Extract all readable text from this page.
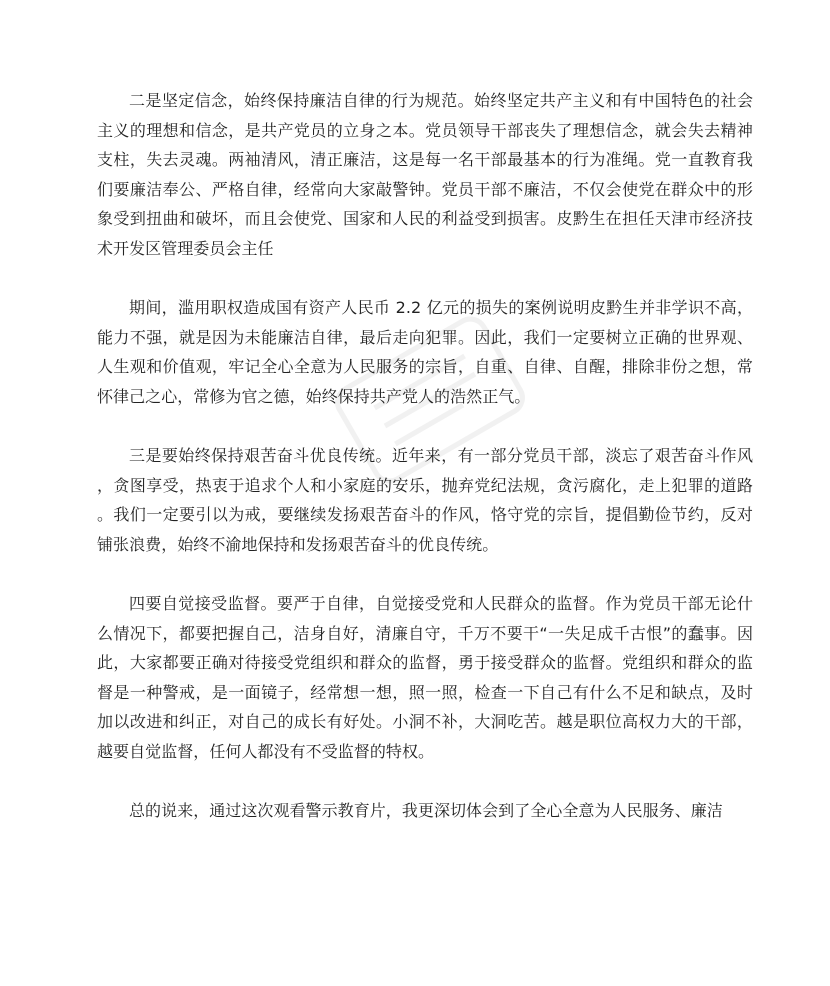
二是坚定信念，始终保持廉洁自律的行为规范。始终坚定共产主义和有中国特色的社会主义的理想和信念，是共产党员的立身之本。党员领导干部丧失了理想信念，就会失去精神支柱，失去灵魂。两袖清风，清正廉洁，这是每一名干部最基本的行为准绳。党一直教育我们要廉洁奉公、严格自律，经常向大家敲警钟。党员干部不廉洁，不仅会使党在群众中的形象受到扭曲和破坏，而且会使党、国家和人民的利益受到损害。皮黔生在担任天津市经济技术开发区管理委员会主任

期间，滥用职权造成国有资产人民币 2.2 亿元的损失的案例说明皮黔生并非学识不高，能力不强，就是因为未能廉洁自律，最后走向犯罪。因此，我们一定要树立正确的世界观、人生观和价值观，牢记全心全意为人民服务的宗旨，自重、自律、自醒，排除非份之想，常怀律己之心，常修为官之德，始终保持共产党人的浩然正气。

三是要始终保持艰苦奋斗优良传统。近年来，有一部分党员干部，淡忘了艰苦奋斗作风，贪图享受，热衷于追求个人和小家庭的安乐，抛弃党纪法规，贪污腐化，走上犯罪的道路。我们一定要引以为戒，要继续发扬艰苦奋斗的作风，恪守党的宗旨，提倡勤俭节约，反对铺张浪费，始终不渝地保持和发扬艰苦奋斗的优良传统。

四要自觉接受监督。要严于自律，自觉接受党和人民群众的监督。作为党员干部无论什么情况下，都要把握自己，洁身自好，清廉自守，千万不要干“一失足成千古恨”的蠢事。因此，大家都要正确对待接受党组织和群众的监督，勇于接受群众的监督。党组织和群众的监督是一种警戒，是一面镜子，经常想一想，照一照，检查一下自己有什么不足和缺点，及时加以改进和纠正，对自己的成长有好处。小洞不补，大洞吃苦。越是职位高权力大的干部，越要自觉监督，任何人都没有不受监督的特权。

总的说来，通过这次观看警示教育片，我更深切体会到了全心全意为人民服务、廉洁
